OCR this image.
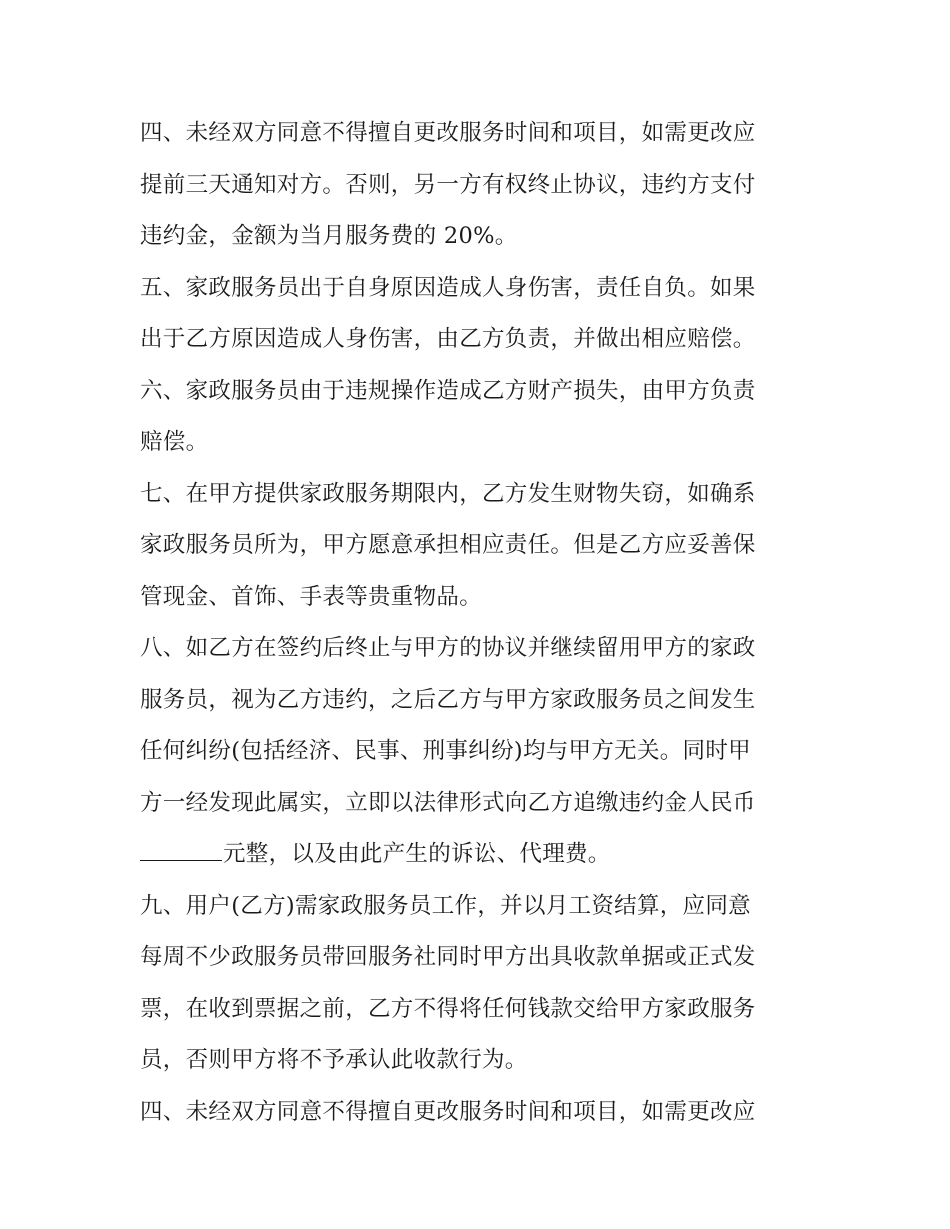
四、未经双方同意不得擅自更改服务时间和项目，如需更改应
提前三天通知对方。否则，另一方有权终止协议，违约方支付
违约金，金额为当月服务费的 20%。
五、家政服务员出于自身原因造成人身伤害，责任自负。如果
出于乙方原因造成人身伤害，由乙方负责，并做出相应赔偿。
六、家政服务员由于违规操作造成乙方财产损失，由甲方负责
赔偿。
七、在甲方提供家政服务期限内，乙方发生财物失窃，如确系
家政服务员所为，甲方愿意承担相应责任。但是乙方应妥善保
管现金、首饰、手表等贵重物品。
八、如乙方在签约后终止与甲方的协议并继续留用甲方的家政
服务员，视为乙方违约，之后乙方与甲方家政服务员之间发生
任何纠纷(包括经济、民事、刑事纠纷)均与甲方无关。同时甲
方一经发现此属实，立即以法律形式向乙方追缴违约金人民币
元整，以及由此产生的诉讼、代理费。
九、用户(乙方)需家政服务员工作，并以月工资结算，应同意
每周不少政服务员带回服务社同时甲方出具收款单据或正式发
票，在收到票据之前，乙方不得将任何钱款交给甲方家政服务
员，否则甲方将不予承认此收款行为。
四、未经双方同意不得擅自更改服务时间和项目，如需更改应
